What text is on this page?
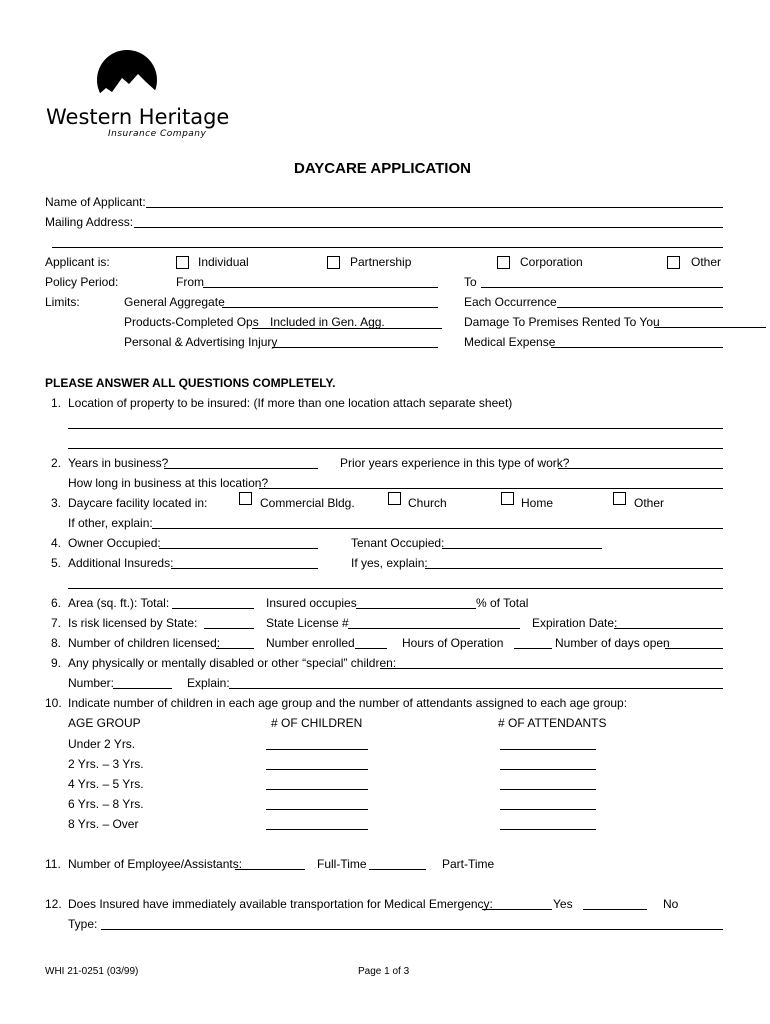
Western Heritage
Insurance Company
DAYCARE APPLICATION
Name of Applicant:
Mailing Address:
Applicant is:	Individual	Partnership	Corporation	Other
Policy Period:	From	To
Limits:	General Aggregate	Each Occurrence
Products-Completed Ops Included in Gen. Agg.	Damage To Premises Rented To You
Personal & Advertising Injury	Medical Expense
PLEASE ANSWER ALL QUESTIONS COMPLETELY.
1. Location of property to be insured: (If more than one location attach separate sheet)
2. Years in business?	Prior years experience in this type of work?
How long in business at this location?
3. Daycare facility located in:	Commercial Bldg.	Church	Home	Other
If other, explain:
4. Owner Occupied:	Tenant Occupied:
5. Additional Insureds:	If yes, explain:
6. Area (sq. ft.): Total:	Insured occupies	% of Total
7. Is risk licensed by State:	State License #	Expiration Date:
8. Number of children licensed:	Number enrolled	Hours of Operation	Number of days open
9. Any physically or mentally disabled or other “special” children:
Number:	Explain:
10. Indicate number of children in each age group and the number of attendants assigned to each age group:
AGE GROUP	# OF CHILDREN	# OF ATTENDANTS
Under 2 Yrs.
2 Yrs. – 3 Yrs.
4 Yrs. – 5 Yrs.
6 Yrs. – 8 Yrs.
8 Yrs. – Over
11. Number of Employee/Assistants:	Full-Time	Part-Time
12. Does Insured have immediately available transportation for Medical Emergency:	Yes	No
Type:
WHI 21-0251 (03/99)	Page 1 of 3
